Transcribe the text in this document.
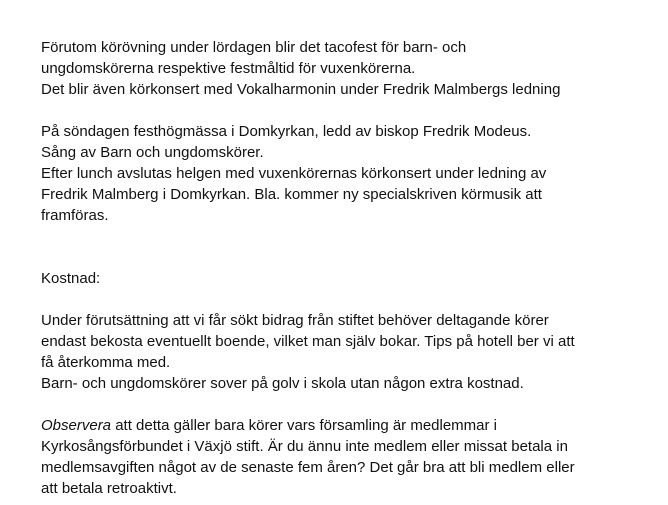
Förutom körövning under lördagen blir det tacofest för barn- och

ungdomskörerna respektive festmåltid för vuxenkörerna.

Det blir även körkonsert med Vokalharmonin under Fredrik Malmbergs ledning

På söndagen festhögmässa i Domkyrkan, ledd av biskop Fredrik Modeus.

Sång av Barn och ungdomskörer.

Efter lunch avslutas helgen med vuxenkörernas körkonsert under ledning av

Fredrik Malmberg i Domkyrkan. Bla. kommer ny specialskriven körmusik att

framföras.

Kostnad:

Under förutsättning att vi får sökt bidrag från stiftet behöver deltagande körer

endast bekosta eventuellt boende, vilket man själv bokar. Tips på hotell ber vi att

få återkomma med.

Barn- och ungdomskörer sover på golv i skola utan någon extra kostnad.

Observera att detta gäller bara körer vars församling är medlemmar i

Kyrkosångsförbundet i Växjö stift. Är du ännu inte medlem eller missat betala in

medlemsavgiften något av de senaste fem åren? Det går bra att bli medlem eller

att betala retroaktivt.
